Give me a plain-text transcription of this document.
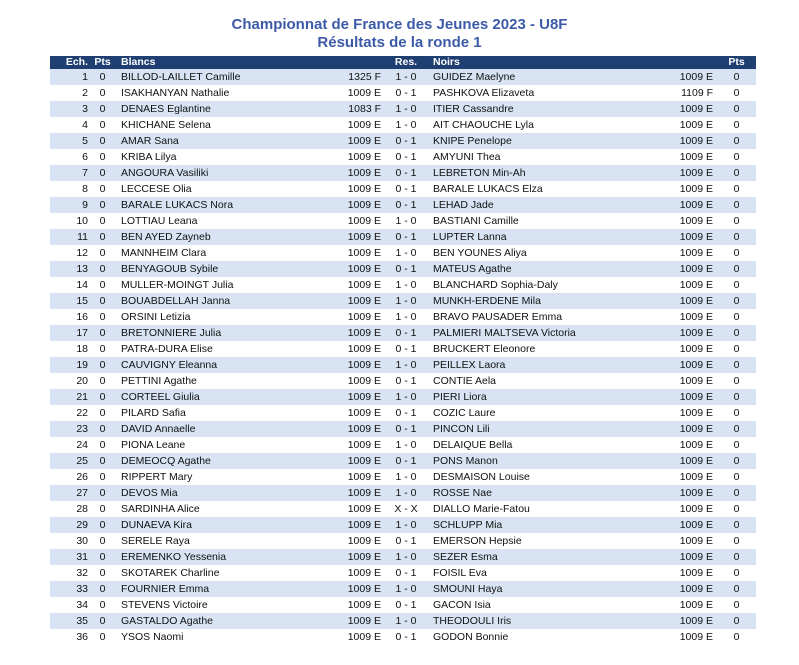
Championnat de France des Jeunes 2023 - U8F
Résultats de la ronde 1
Ech.	Pts	Blancs		Res.	Noirs		Pts
1	0	BILLOD-LAILLET Camille	1325 F	1 - 0	GUIDEZ Maelyne	1009 E	0
2	0	ISAKHANYAN Nathalie	1009 E	0 - 1	PASHKOVA Elizaveta	1109 F	0
3	0	DENAES Eglantine	1083 F	1 - 0	ITIER Cassandre	1009 E	0
4	0	KHICHANE Selena	1009 E	1 - 0	AIT CHAOUCHE Lyla	1009 E	0
5	0	AMAR Sana	1009 E	0 - 1	KNIPE Penelope	1009 E	0
6	0	KRIBA Lilya	1009 E	0 - 1	AMYUNI Thea	1009 E	0
7	0	ANGOURA Vasiliki	1009 E	0 - 1	LEBRETON Min-Ah	1009 E	0
8	0	LECCESE Olia	1009 E	0 - 1	BARALE LUKACS Elza	1009 E	0
9	0	BARALE LUKACS Nora	1009 E	0 - 1	LEHAD Jade	1009 E	0
10	0	LOTTIAU Leana	1009 E	1 - 0	BASTIANI Camille	1009 E	0
11	0	BEN AYED Zayneb	1009 E	0 - 1	LUPTER Lanna	1009 E	0
12	0	MANNHEIM Clara	1009 E	1 - 0	BEN YOUNES Aliya	1009 E	0
13	0	BENYAGOUB Sybile	1009 E	0 - 1	MATEUS Agathe	1009 E	0
14	0	MULLER-MOINGT Julia	1009 E	1 - 0	BLANCHARD Sophia-Daly	1009 E	0
15	0	BOUABDELLAH Janna	1009 E	1 - 0	MUNKH-ERDENE Mila	1009 E	0
16	0	ORSINI Letizia	1009 E	1 - 0	BRAVO PAUSADER Emma	1009 E	0
17	0	BRETONNIERE Julia	1009 E	0 - 1	PALMIERI MALTSEVA Victoria	1009 E	0
18	0	PATRA-DURA Elise	1009 E	0 - 1	BRUCKERT Eleonore	1009 E	0
19	0	CAUVIGNY Eleanna	1009 E	1 - 0	PEILLEX Laora	1009 E	0
20	0	PETTINI Agathe	1009 E	0 - 1	CONTIE Aela	1009 E	0
21	0	CORTEEL Giulia	1009 E	1 - 0	PIERI Liora	1009 E	0
22	0	PILARD Safia	1009 E	0 - 1	COZIC Laure	1009 E	0
23	0	DAVID Annaelle	1009 E	0 - 1	PINCON Lili	1009 E	0
24	0	PIONA Leane	1009 E	1 - 0	DELAIQUE Bella	1009 E	0
25	0	DEMEOCQ Agathe	1009 E	0 - 1	PONS Manon	1009 E	0
26	0	RIPPERT Mary	1009 E	1 - 0	DESMAISON Louise	1009 E	0
27	0	DEVOS Mia	1009 E	1 - 0	ROSSE Nae	1009 E	0
28	0	SARDINHA Alice	1009 E	X - X	DIALLO Marie-Fatou	1009 E	0
29	0	DUNAEVA Kira	1009 E	1 - 0	SCHLUPP Mia	1009 E	0
30	0	SERELE Raya	1009 E	0 - 1	EMERSON Hepsie	1009 E	0
31	0	EREMENKO Yessenia	1009 E	1 - 0	SEZER Esma	1009 E	0
32	0	SKOTAREK Charline	1009 E	0 - 1	FOISIL Eva	1009 E	0
33	0	FOURNIER Emma	1009 E	1 - 0	SMOUNI Haya	1009 E	0
34	0	STEVENS Victoire	1009 E	0 - 1	GACON Isia	1009 E	0
35	0	GASTALDO Agathe	1009 E	1 - 0	THEODOULI Iris	1009 E	0
36	0	YSOS Naomi	1009 E	0 - 1	GODON Bonnie	1009 E	0
